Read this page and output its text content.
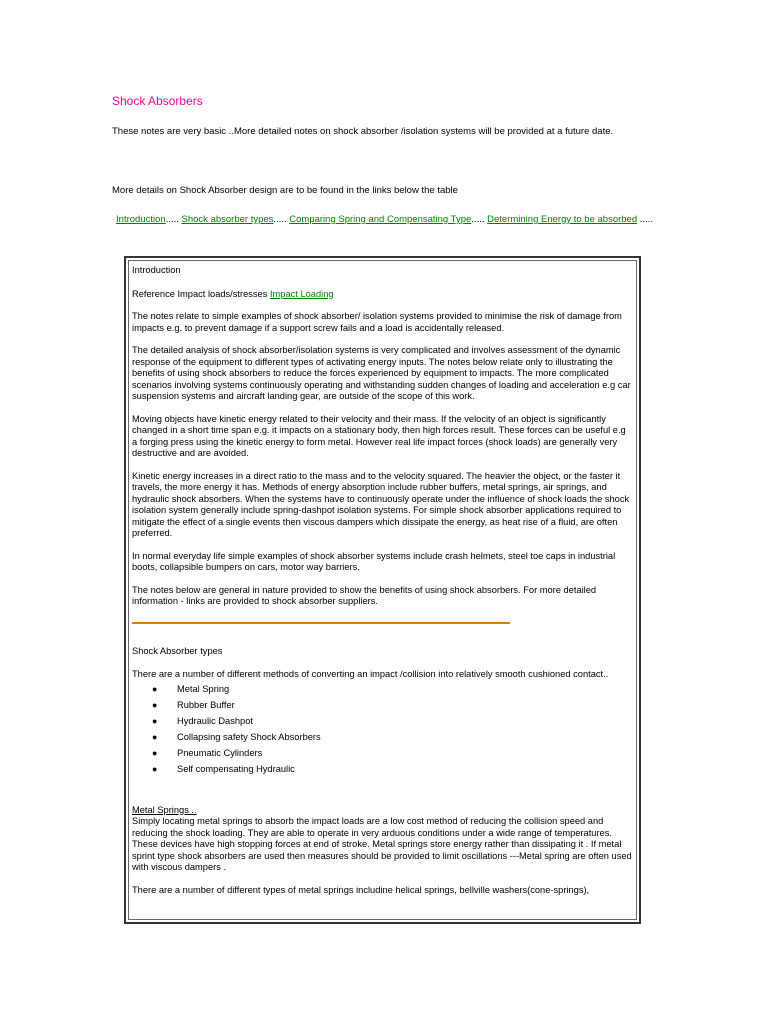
Shock Absorbers
These notes are very basic ..More detailed notes on shock absorber /isolation systems will be provided at a future date.
More details on Shock Absorber design are to be found in the links below the table
Introduction..... Shock absorber types..... Comparing Spring and Compensating Type..... Determining Energy to be absorbed .....
Introduction
Reference Impact loads/stresses Impact Loading
The notes relate to simple examples of shock absorber/ isolation systems provided to minimise the risk of damage from impacts e.g. to prevent damage if a support screw fails and a load is accidentally released.
The detailed analysis of shock absorber/isolation systems is very complicated and involves assessment of the dynamic response of the equipment to different types of activating energy inputs. The notes below relate only to illustrating the benefits of using shock absorbers to reduce the forces experienced by equipment to impacts. The more complicated scenarios involving systems continuously operating and withstanding sudden changes of loading and acceleration e.g car suspension systems and aircraft landing gear, are outside of the scope of this work.
Moving objects have kinetic energy related to their velocity and their mass. If the velocity of an object is significantly changed in a short time span e.g. it impacts on a stationary body, then high forces result. These forces can be useful e.g a forging press using the kinetic energy to form metal. However real life impact forces (shock loads) are generally very destructive and are avoided.
Kinetic energy increases in a direct ratio to the mass and to the velocity squared. The heavier the object, or the faster it travels, the more energy it has. Methods of energy absorption include rubber buffers, metal springs, air springs, and hydraulic shock absorbers. When the systems have to continuously operate under the influence of shock loads the shock isolation system generally include spring-dashpot isolation systems. For simple shock absorber applications required to mitigate the effect of a single events then viscous dampers which dissipate the energy, as heat rise of a fluid, are often preferred.
In normal everyday life simple examples of shock absorber systems include crash helmets, steel toe caps in industrial boots, collapsible bumpers on cars, motor way barriers.
The notes below are general in nature provided to show the benefits of using shock absorbers. For more detailed information - links are provided to shock absorber suppliers.
Shock Absorber types
There are a number of different methods of converting an impact /collision into relatively smooth cushioned contact..
● Metal Spring
● Rubber Buffer
● Hydraulic Dashpot
● Collapsing safety Shock Absorbers
● Pneumatic Cylinders
● Self compensating Hydraulic
Metal Springs ..
Simply locating metal springs to absorb the impact loads are a low cost method of reducing the collision speed and reducing the shock loading. They are able to operate in very arduous conditions under a wide range of temperatures. These devices have high stopping forces at end of stroke. Metal springs store energy rather than dissipating it . If metal sprint type shock absorbers are used then measures should be provided to limit oscillations ---Metal spring are often used with viscous dampers .
There are a number of different types of metal springs includine helical springs, bellville washers(cone-springs),
